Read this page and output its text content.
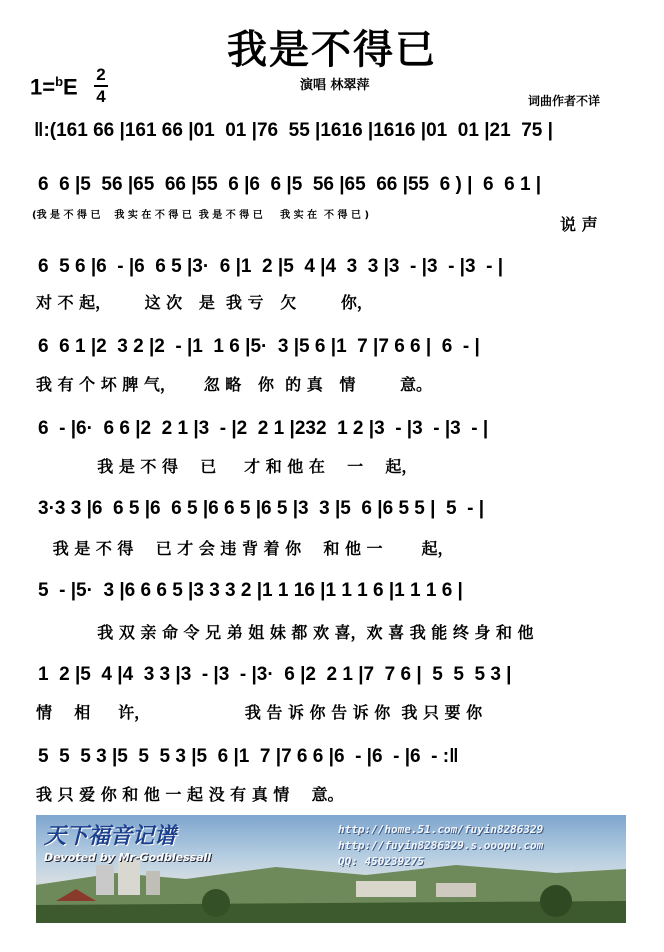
我是不得已
1=$^b$E 2
4
演唱 林翠萍
词曲作者不详
‖:(161 66 |161 66 |01  01 |76  55 |1616 |1616 |01  01 |21  75 |
6  6 |5  56 |65  66 |55  6 |6  6 |5  56 |65  66 |55  6 ) |  6  6 1 |
(我 是 不 得 已    我 实 在 不 得 已  我 是 不 得 已     我 实 在  不 得 已 )	说 声
6  5 6 |6  - |6  6 5 |3·  6 |1  2 |5  4 |4  3  3 |3  - |3  - |3  - |
对 不 起，      这 次   是  我 亏   欠        你，
6  6 1 |2  3 2 |2  - |1  1 6 |5·  3 |5 6 |1  7 |7 6 6 |  6  - |
我 有 个 坏 脾 气，     忽 略   你  的 真   情        意。
6  - |6·  6 6 |2  2 1 |3  - |2  2 1 |232  1 2 |3  - |3  - |3  - |
我 是 不 得    已     才 和 他 在    一    起，
3·3 3 |6  6 5 |6  6 5 |6 6 5 |6 5 |3  3 |5  6 |6 5 5 |  5  - |
我 是 不 得    已 才 会 违 背 着 你    和 他 一       起，
5  - |5·  3 |6 6 6 5 |3 3 3 2 |1 1 16 |1 1 1 6 |1 1 1 6 |
我 双 亲 命 令 兄 弟 姐 妹 都 欢 喜，欢 喜 我 能 终 身 和 他
1  2 |5  4 |4  3 3 |3  - |3  - |3·  6 |2  2 1 |7  7 6 |  5  5  5 3 |
情    相     许，                 我 告 诉 你 告 诉 你  我 只 要 你
5  5  5 3 |5  5  5 3 |5  6 |1  7 |7 6 6 |6  - |6  - |6  - :‖
我 只 爱 你 和 他 一 起 没 有 真 情    意。
天下福音记谱
Devoted by Mr-Godblessall
http://home.51.com/fuyin8286329
http://fuyin8286329.s.ooopu.com
QQ: 450239275
